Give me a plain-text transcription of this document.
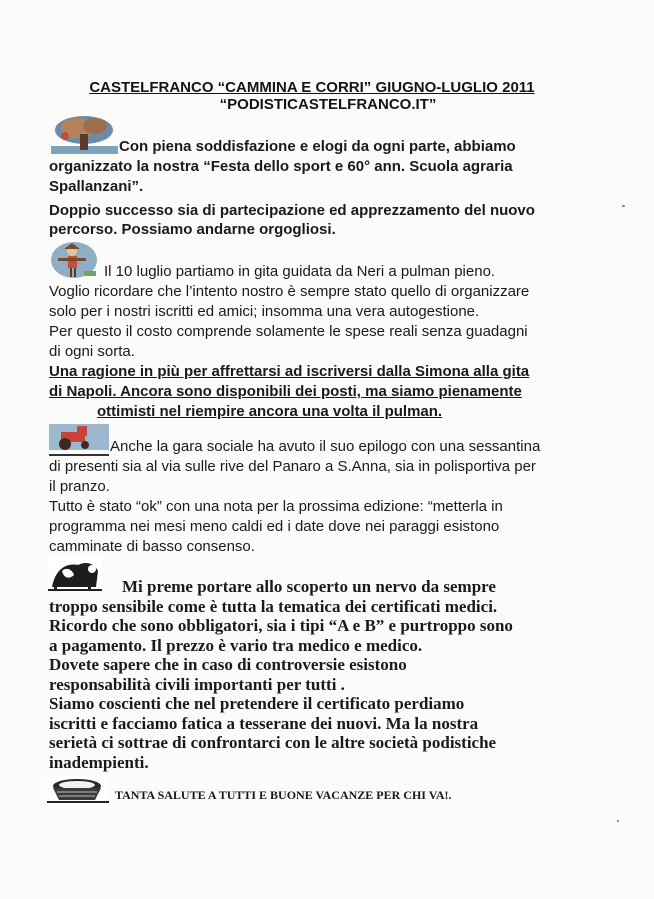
CASTELFRANCO “CAMMINA E CORRI” GIUGNO-LUGLIO 2011
“PODISTICASTELFRANCO.IT”
Con piena soddisfazione e elogi da ogni parte, abbiamo
organizzato la nostra “Festa dello sport e 60° ann. Scuola agraria
Spallanzani”.
Doppio successo sia di partecipazione ed apprezzamento del nuovo
percorso. Possiamo andarne orgogliosi.
Il 10 luglio partiamo in gita guidata da Neri a pulman pieno.
Voglio ricordare che l’intento nostro è sempre stato quello di organizzare
solo per i nostri iscritti ed amici; insomma una vera autogestione.
Per questo il costo comprende solamente le spese reali senza guadagni
di ogni sorta.
Una ragione in più per affrettarsi ad iscriversi dalla Simona alla gita
di Napoli. Ancora sono disponibili dei posti, ma siamo pienamente
ottimisti nel riempire ancora una volta il pulman.
Anche la gara sociale ha avuto il suo epilogo con una sessantina
di presenti sia al via sulle rive del Panaro a S.Anna, sia in polisportiva per
il pranzo.
Tutto è stato “ok” con una nota per la prossima edizione: “metterla in
programma nei mesi meno caldi ed i date dove nei paraggi esistono
camminate di basso consenso.
Mi preme portare allo scoperto un nervo da sempre
troppo sensibile come è tutta la tematica dei certificati medici.
Ricordo che sono obbligatori, sia i tipi “A e B” e purtroppo sono
a pagamento. Il prezzo è vario tra medico e medico.
Dovete sapere che in caso di controversie esistono
responsabilità civili importanti per tutti .
Siamo coscienti che nel pretendere il certificato perdiamo
iscritti e facciamo fatica a tesserane dei nuovi. Ma la nostra
serietà ci sottrae di confrontarci con le altre società podistiche
inadempienti.
TANTA SALUTE A TUTTI E BUONE VACANZE PER CHI VA!.
